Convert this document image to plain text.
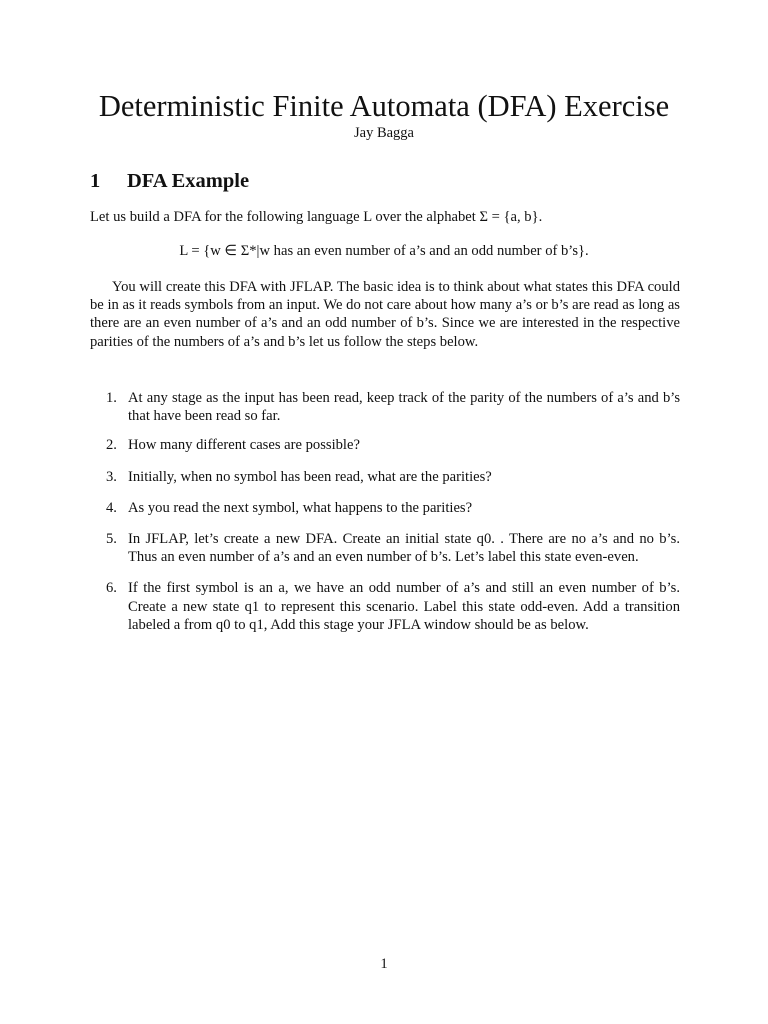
Deterministic Finite Automata (DFA) Exercise
Jay Bagga
1 DFA Example
Let us build a DFA for the following language L over the alphabet Σ = {a, b}.
L = {w ∈ Σ*|w has an even number of a’s and an odd number of b’s}.
You will create this DFA with JFLAP. The basic idea is to think about what states this DFA could be in as it reads symbols from an input. We do not care about how many a’s or b’s are read as long as there are an even number of a’s and an odd number of b’s. Since we are interested in the respective parities of the numbers of a’s and b’s let us follow the steps below.
1. At any stage as the input has been read, keep track of the parity of the numbers of a’s and b’s that have been read so far.
2. How many different cases are possible?
3. Initially, when no symbol has been read, what are the parities?
4. As you read the next symbol, what happens to the parities?
5. In JFLAP, let’s create a new DFA. Create an initial state q0. . There are no a’s and no b’s. Thus an even number of a’s and an even number of b’s. Let’s label this state even-even.
6. If the first symbol is an a, we have an odd number of a’s and still an even number of b’s. Create a new state q1 to represent this scenario. Label this state odd-even. Add a transition labeled a from q0 to q1, Add this stage your JFLA window should be as below.
1
